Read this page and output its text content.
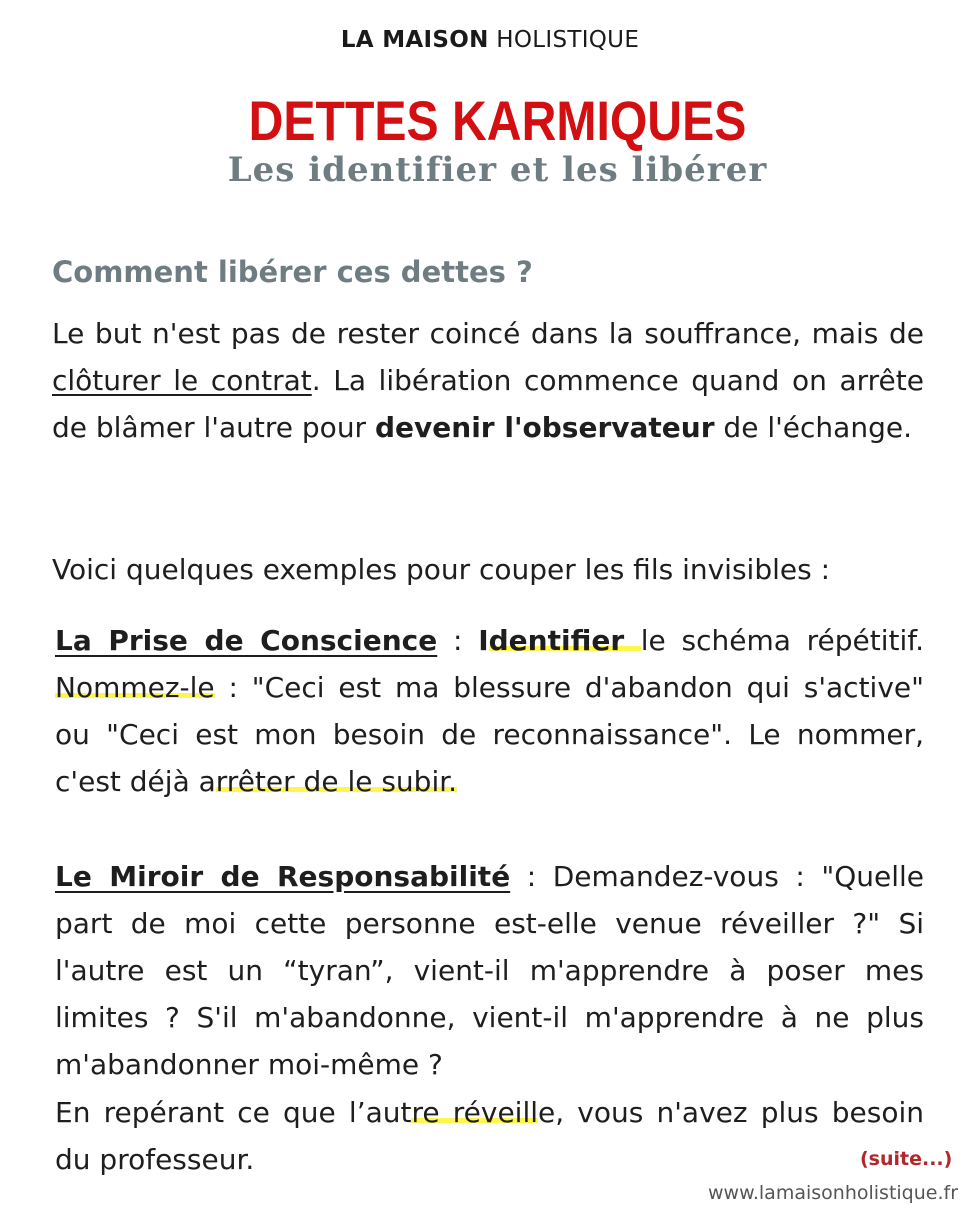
LA MAISON HOLISTIQUE
DETTES KARMIQUES
Les identifier et les libérer
Comment libérer ces dettes ?
Le but n'est pas de rester coincé dans la souffrance, mais de clôturer le contrat. La libération commence quand on arrête de blâmer l'autre pour devenir l'observateur de l'échange.
Voici quelques exemples pour couper les fils invisibles :
La Prise de Conscience : Identifier le schéma répétitif. Nommez-le : "Ceci est ma blessure d'abandon qui s'active" ou "Ceci est mon besoin de reconnaissance". Le nommer, c'est déjà arrêter de le subir.
Le Miroir de Responsabilité : Demandez-vous : "Quelle part de moi cette personne est-elle venue réveiller ?" Si l'autre est un “tyran”, vient-il m'apprendre à poser mes limites ? S'il m'abandonne, vient-il m'apprendre à ne plus m'abandonner moi-même ?
En repérant ce que l’autre réveille, vous n'avez plus besoin du professeur.	(suite...)
www.lamaisonholistique.fr
